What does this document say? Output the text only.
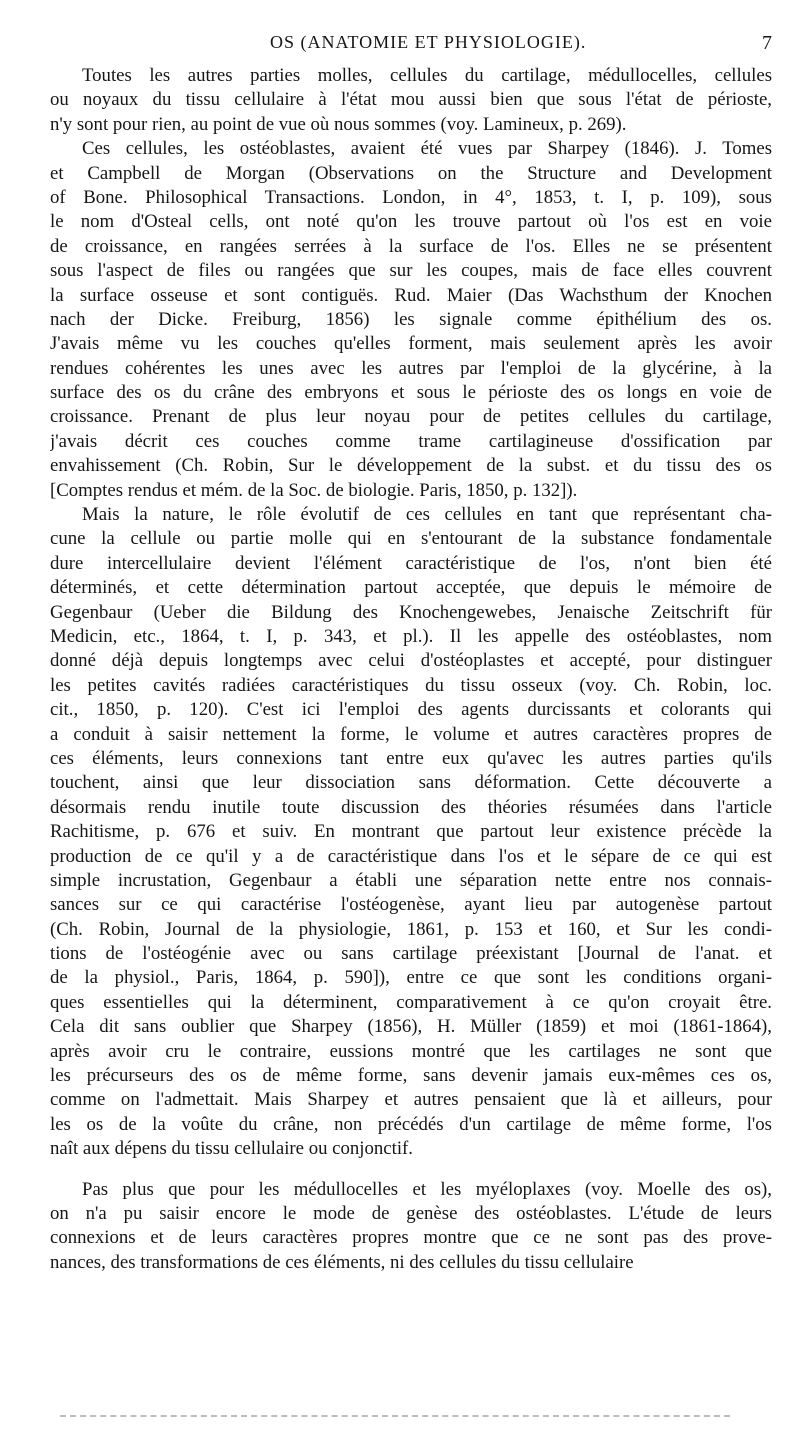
OS (ANATOMIE ET PHYSIOLOGIE).	7
Toutes les autres parties molles, cellules du cartilage, médullocelles, cellules
ou noyaux du tissu cellulaire à l'état mou aussi bien que sous l'état de périoste,
n'y sont pour rien, au point de vue où nous sommes (voy. Lamineux, p. 269).
Ces cellules, les ostéoblastes, avaient été vues par Sharpey (1846). J. Tomes
et Campbell de Morgan (Observations on the Structure and Development
of Bone. Philosophical Transactions. London, in 4°, 1853, t. I, p. 109), sous
le nom d'Osteal cells, ont noté qu'on les trouve partout où l'os est en voie
de croissance, en rangées serrées à la surface de l'os. Elles ne se présentent
sous l'aspect de files ou rangées que sur les coupes, mais de face elles couvrent
la surface osseuse et sont contiguës. Rud. Maier (Das Wachsthum der Knochen
nach der Dicke. Freiburg, 1856) les signale comme épithélium des os.
J'avais même vu les couches qu'elles forment, mais seulement après les avoir
rendues cohérentes les unes avec les autres par l'emploi de la glycérine, à la
surface des os du crâne des embryons et sous le périoste des os longs en voie de
croissance. Prenant de plus leur noyau pour de petites cellules du cartilage,
j'avais décrit ces couches comme trame cartilagineuse d'ossification par
envahissement (Ch. Robin, Sur le développement de la subst. et du tissu des os
[Comptes rendus et mém. de la Soc. de biologie. Paris, 1850, p. 132]).
Mais la nature, le rôle évolutif de ces cellules en tant que représentant cha-
cune la cellule ou partie molle qui en s'entourant de la substance fondamentale
dure intercellulaire devient l'élément caractéristique de l'os, n'ont bien été
déterminés, et cette détermination partout acceptée, que depuis le mémoire de
Gegenbaur (Ueber die Bildung des Knochengewebes, Jenaische Zeitschrift für
Medicin, etc., 1864, t. I, p. 343, et pl.). Il les appelle des ostéoblastes, nom
donné déjà depuis longtemps avec celui d'ostéoplastes et accepté, pour distinguer
les petites cavités radiées caractéristiques du tissu osseux (voy. Ch. Robin, loc.
cit., 1850, p. 120). C'est ici l'emploi des agents durcissants et colorants qui
a conduit à saisir nettement la forme, le volume et autres caractères propres de
ces éléments, leurs connexions tant entre eux qu'avec les autres parties qu'ils
touchent, ainsi que leur dissociation sans déformation. Cette découverte a
désormais rendu inutile toute discussion des théories résumées dans l'article
Rachitisme, p. 676 et suiv. En montrant que partout leur existence précède la
production de ce qu'il y a de caractéristique dans l'os et le sépare de ce qui est
simple incrustation, Gegenbaur a établi une séparation nette entre nos connais-
sances sur ce qui caractérise l'ostéogenèse, ayant lieu par autogenèse partout
(Ch. Robin, Journal de la physiologie, 1861, p. 153 et 160, et Sur les condi-
tions de l'ostéogénie avec ou sans cartilage préexistant [Journal de l'anat. et
de la physiol., Paris, 1864, p. 590]), entre ce que sont les conditions organi-
ques essentielles qui la déterminent, comparativement à ce qu'on croyait être.
Cela dit sans oublier que Sharpey (1856), H. Müller (1859) et moi (1861-1864),
après avoir cru le contraire, eussions montré que les cartilages ne sont que
les précurseurs des os de même forme, sans devenir jamais eux-mêmes ces os,
comme on l'admettait. Mais Sharpey et autres pensaient que là et ailleurs, pour
les os de la voûte du crâne, non précédés d'un cartilage de même forme, l'os
naît aux dépens du tissu cellulaire ou conjonctif.
Pas plus que pour les médullocelles et les myéloplaxes (voy. Moelle des os),
on n'a pu saisir encore le mode de genèse des ostéoblastes. L'étude de leurs
connexions et de leurs caractères propres montre que ce ne sont pas des prove-
nances, des transformations de ces éléments, ni des cellules du tissu cellulaire
